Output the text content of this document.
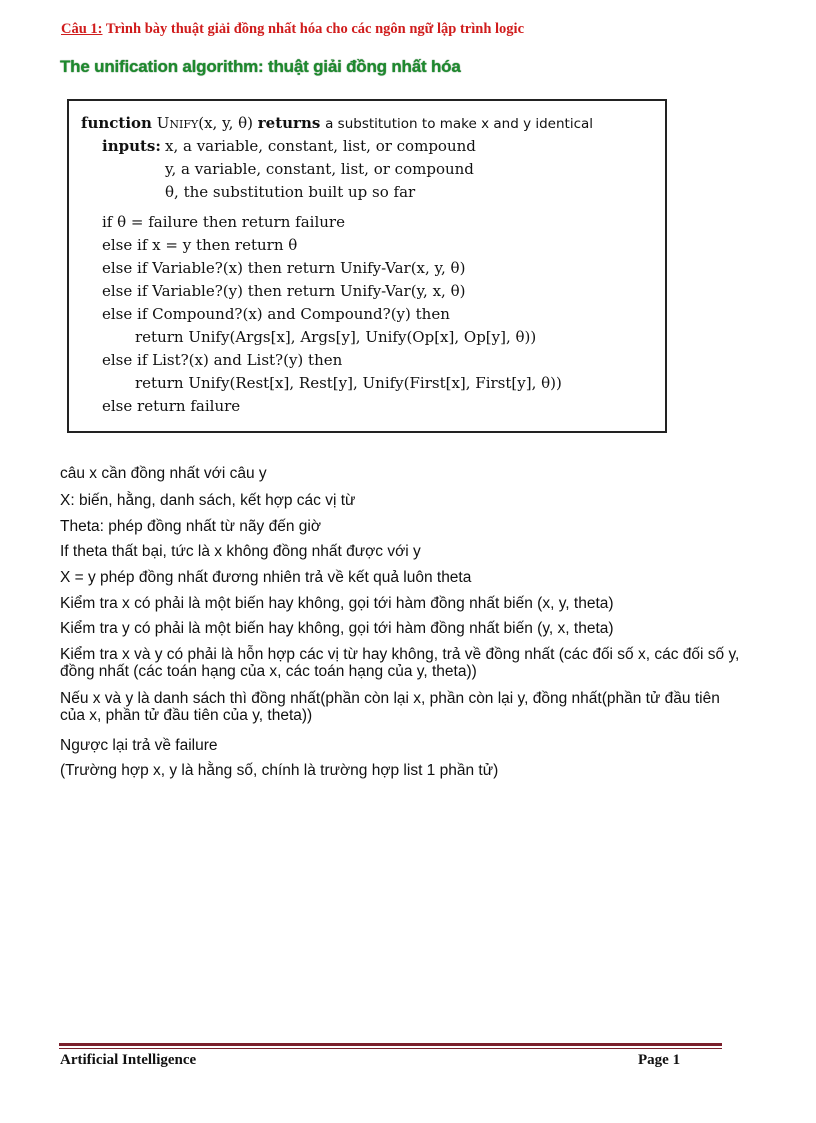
Câu 1: Trình bày thuật giải đồng nhất hóa cho các ngôn ngữ lập trình logic
The unification algorithm: thuật giải đồng nhất hóa
function Unify(x, y, θ) returns a substitution to make x and y identical
inputs: x, a variable, constant, list, or compound
y, a variable, constant, list, or compound
θ, the substitution built up so far
if θ = failure then return failure
else if x = y then return θ
else if Variable?(x) then return Unify-Var(x, y, θ)
else if Variable?(y) then return Unify-Var(y, x, θ)
else if Compound?(x) and Compound?(y) then
return Unify(Args[x], Args[y], Unify(Op[x], Op[y], θ))
else if List?(x) and List?(y) then
return Unify(Rest[x], Rest[y], Unify(First[x], First[y], θ))
else return failure
câu x cần đồng nhất với câu y
X: biến, hằng, danh sách, kết hợp các vị từ
Theta: phép đồng nhất từ nãy đến giờ
If theta thất bại, tức là x không đồng nhất được với y
X = y phép đồng nhất đương nhiên trả về kết quả luôn theta
Kiểm tra x có phải là một biến hay không, gọi tới hàm đồng nhất biến (x, y, theta)
Kiểm tra y có phải là một biến hay không, gọi tới hàm đồng nhất biến (y, x, theta)
Kiểm tra x và y có phải là hỗn hợp các vị từ hay không, trả về đồng nhất (các đối số x, các đối số y, đồng nhất (các toán hạng của x, các toán hạng của y, theta))
Nếu x và y là danh sách thì đồng nhất(phần còn lại x, phần còn lại y, đồng nhất(phần tử đầu tiên của x, phần tử đầu tiên của y, theta))
Ngược lại trả về failure
(Trường hợp x, y là hằng số, chính là trường hợp list 1 phần tử)
Artificial Intelligence	Page 1
